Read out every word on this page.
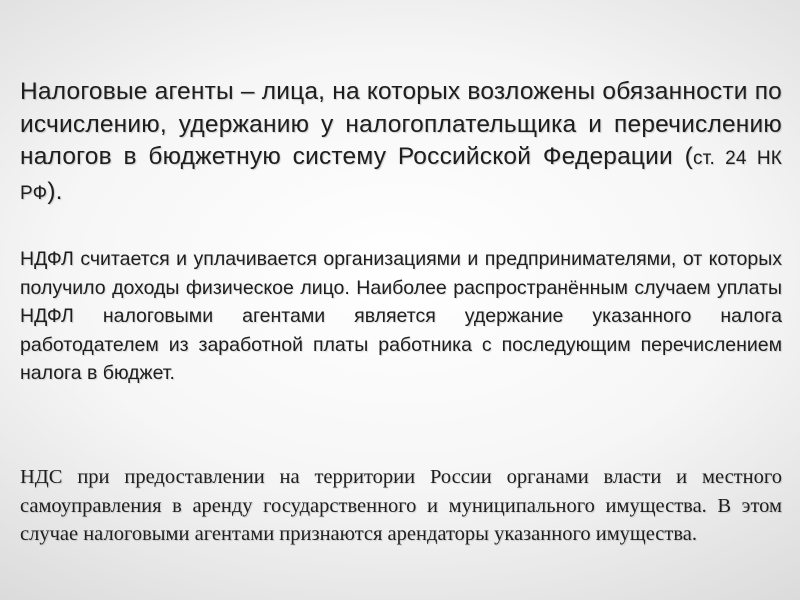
Налоговые агенты – лица, на которых возложены обязанности по исчислению, удержанию у налогоплательщика и перечислению налогов в бюджетную систему Российской Федерации (ст. 24 НК РФ).

НДФЛ считается и уплачивается организациями и предпринимателями, от которых получило доходы физическое лицо. Наиболее распространённым случаем уплаты НДФЛ налоговыми агентами является удержание указанного налога работодателем из заработной платы работника с последующим перечислением налога в бюджет.

НДС при предоставлении на территории России органами власти и местного самоуправления в аренду государственного и муниципального имущества. В этом случае налоговыми агентами признаются арендаторы указанного имущества.
